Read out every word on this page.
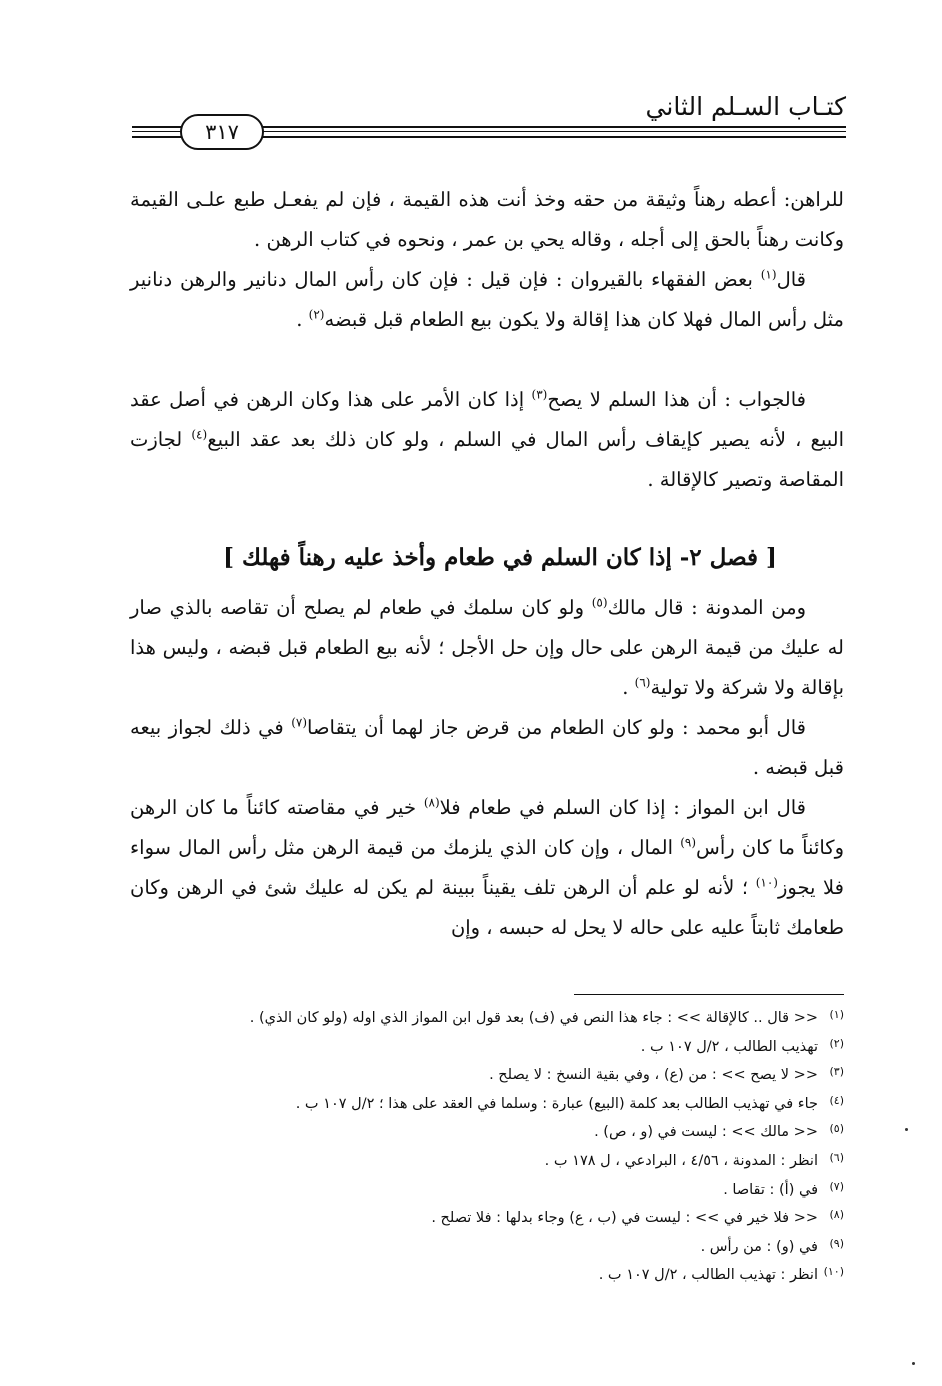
كتـاب السـلم الثاني
٣١٧

للراهن: أعطه رهناً وثيقة من حقه وخذ أنت هذه القيمة ، فإن لم يفعـل طبع علـى القيمة وكانت رهناً بالحق إلى أجله ، وقاله يحي بن عمر ، ونحوه في كتاب الرهن .

قال$^{(١)}$ بعض الفقهاء بالقيروان : فإن قيل : فإن كان رأس المال دنانير والرهن دنانير مثل رأس المال فهلا كان هذا إقالة ولا يكون بيع الطعام قبل قبضه$^{(٢)}$ .

فالجواب : أن هذا السلم لا يصح$^{(٣)}$ إذا كان الأمر على هذا وكان الرهن في أصل عقد البيع ، لأنه يصير كإيقاف رأس المال في السلم ، ولو كان ذلك بعد عقد البيع$^{(٤)}$ لجازت المقاصة وتصير كالإقالة .

[ فصل ٢- إذا كان السلم في طعام وأخذ عليه رهناً فهلك ]

ومن المدونة : قال مالك$^{(٥)}$ ولو كان سلمك في طعام لم يصلح أن تقاصه بالذي صار له عليك من قيمة الرهن على حال وإن حل الأجل ؛ لأنه بيع الطعام قبل قبضه ، وليس هذا بإقالة ولا شركة ولا تولية$^{(٦)}$ .

قال أبو محمد : ولو كان الطعام من قرض جاز لهما أن يتقاصا$^{(٧)}$ في ذلك لجواز بيعه قبل قبضه .

قال ابن المواز : إذا كان السلم في طعام فلا$^{(٨)}$ خير في مقاصته كائناً ما كان الرهن وكائناً ما كان رأس$^{(٩)}$ المال ، وإن كان الذي يلزمك من قيمة الرهن مثل رأس المال سواء فلا يجوز$^{(١٠)}$ ؛ لأنه لو علم أن الرهن تلف يقيناً ببينة لم يكن له عليك شئ في الرهن وكان طعامك ثابتاً عليه على حاله لا يحل له حبسه ، وإن

(١)
<< قال .. كالإقالة >> : جاء هذا النص في (ف) بعد قول ابن المواز الذي اوله (ولو كان الذي) .
(٢)
تهذيب الطالب ، ٢/ل ١٠٧ ب .
(٣)
<< لا يصح >> : من (ع) ، وفي بقية النسخ : لا يصلح .
(٤)
جاء في تهذيب الطالب بعد كلمة (البيع) عبارة : وسلما في العقد على هذا ؛ ٢/ل ١٠٧ ب .
(٥)
<< مالك >> : ليست في (و ، ص) .
(٦)
انظر : المدونة ، ٤/٥٦ ، البرادعي ، ل ١٧٨ ب .
(٧)
في (أ) : تقاصا .
(٨)
<< فلا خير في >> : ليست في (ب ، ع) وجاء بدلها : فلا تصلح .
(٩)
في (و) : من رأس .
(١٠)
انظر : تهذيب الطالب ، ٢/ل ١٠٧ ب .
